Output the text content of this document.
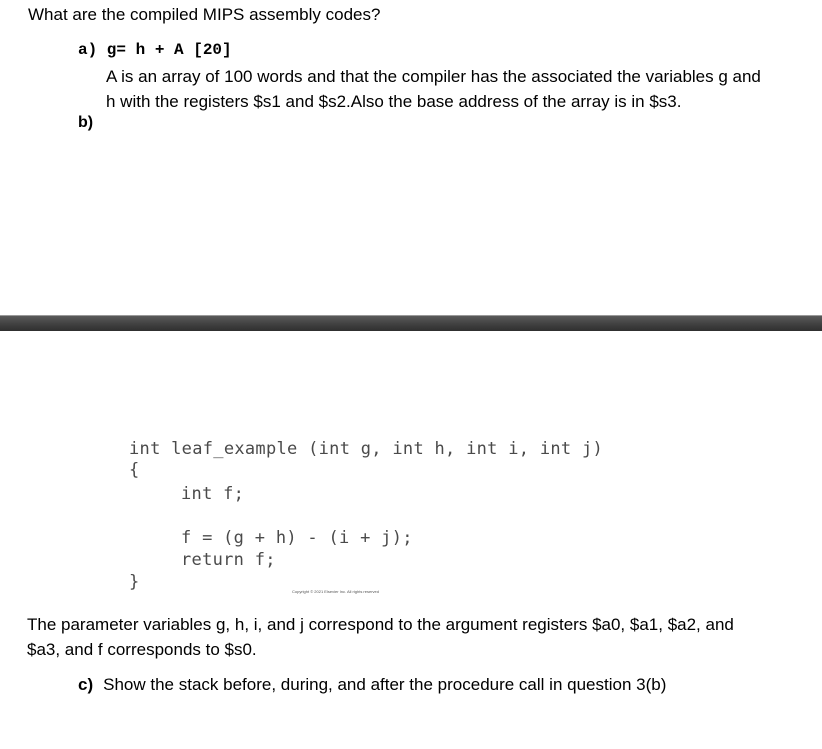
What are the compiled MIPS assembly codes?
a) g= h + A [20]
A is an array of 100 words and that the compiler has the associated the variables g and
h with the registers $s1 and $s2.Also the base address of the array is in $s3.
b)
int leaf_example (int g, int h, int i, int j)
{
int f;
f = (g + h) - (i + j);
return f;
}	Copyright © 2021 Elsevier Inc. All rights reserved
The parameter variables g, h, i, and j correspond to the argument registers $a0, $a1, $a2, and
$a3, and f corresponds to $s0.
c) Show the stack before, during, and after the procedure call in question 3(b)
